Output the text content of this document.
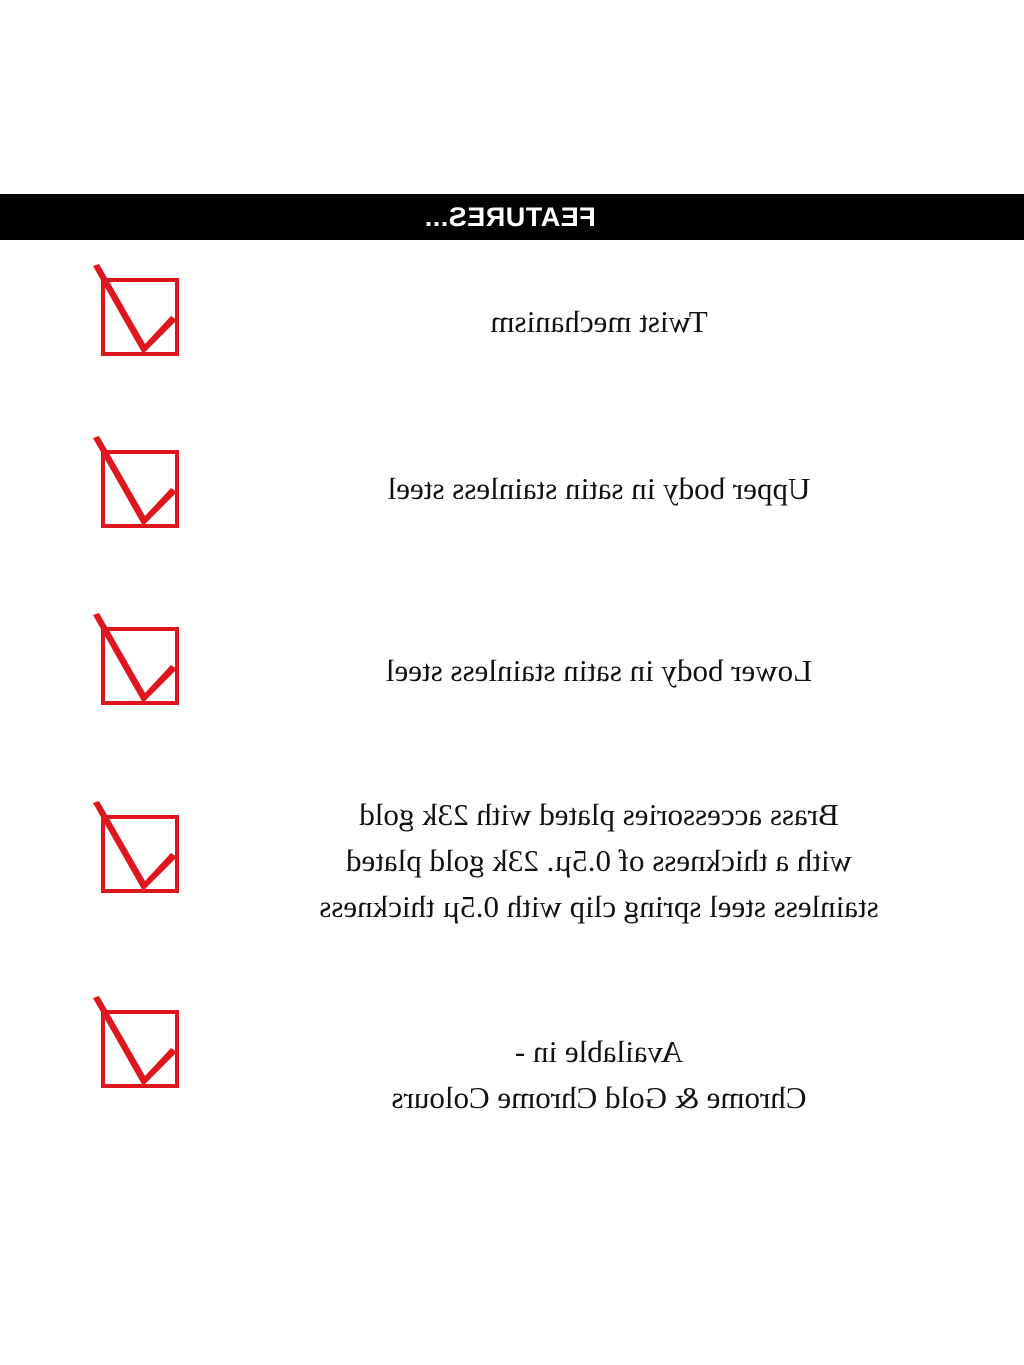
FEATURES...
Twist mechanism
Upper body in satin stainless steel
Lower body in satin stainless steel
Brass accessories plated with 23k gold
with a thickness of 0.5µ. 23k gold plated
stainless steel spring clip with 0.5µ thickness
Available in -
Chrome & Gold Chrome Colours
